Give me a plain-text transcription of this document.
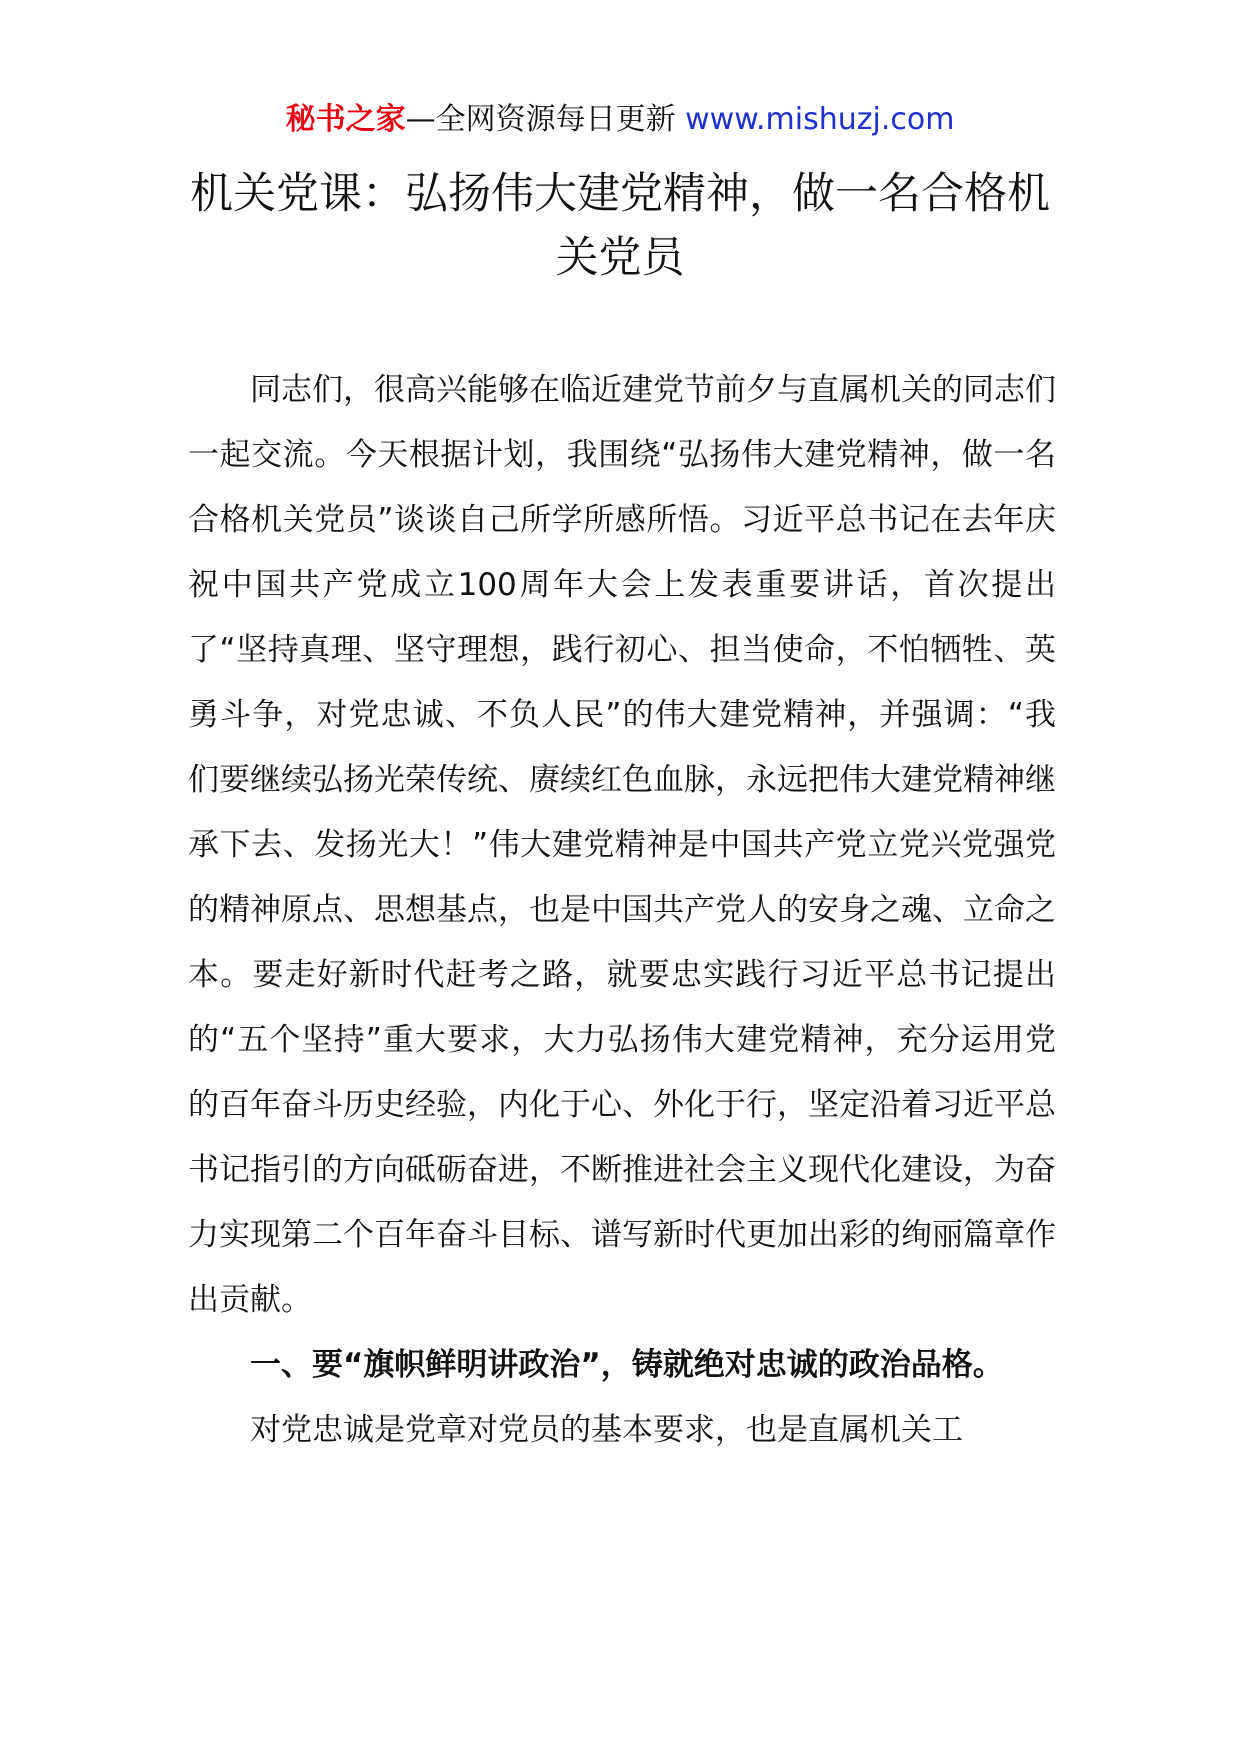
秘书之家—全网资源每日更新 www.mishuzj.com
机关党课：弘扬伟大建党精神，做一名合格机关党员

同志们，很高兴能够在临近建党节前夕与直属机关的同志们一起交流。今天根据计划，我围绕“弘扬伟大建党精神，做一名合格机关党员”谈谈自己所学所感所悟。习近平总书记在去年庆祝中国共产党成立100周年大会上发表重要讲话，首次提出了“坚持真理、坚守理想，践行初心、担当使命，不怕牺牲、英勇斗争，对党忠诚、不负人民”的伟大建党精神，并强调：“我们要继续弘扬光荣传统、赓续红色血脉，永远把伟大建党精神继承下去、发扬光大！”伟大建党精神是中国共产党立党兴党强党的精神原点、思想基点，也是中国共产党人的安身之魂、立命之本。要走好新时代赶考之路，就要忠实践行习近平总书记提出的“五个坚持”重大要求，大力弘扬伟大建党精神，充分运用党的百年奋斗历史经验，内化于心、外化于行，坚定沿着习近平总书记指引的方向砥砺奋进，不断推进社会主义现代化建设，为奋力实现第二个百年奋斗目标、谱写新时代更加出彩的绚丽篇章作出贡献。

一、要“旗帜鲜明讲政治”，铸就绝对忠诚的政治品格。

对党忠诚是党章对党员的基本要求，也是直属机关工
